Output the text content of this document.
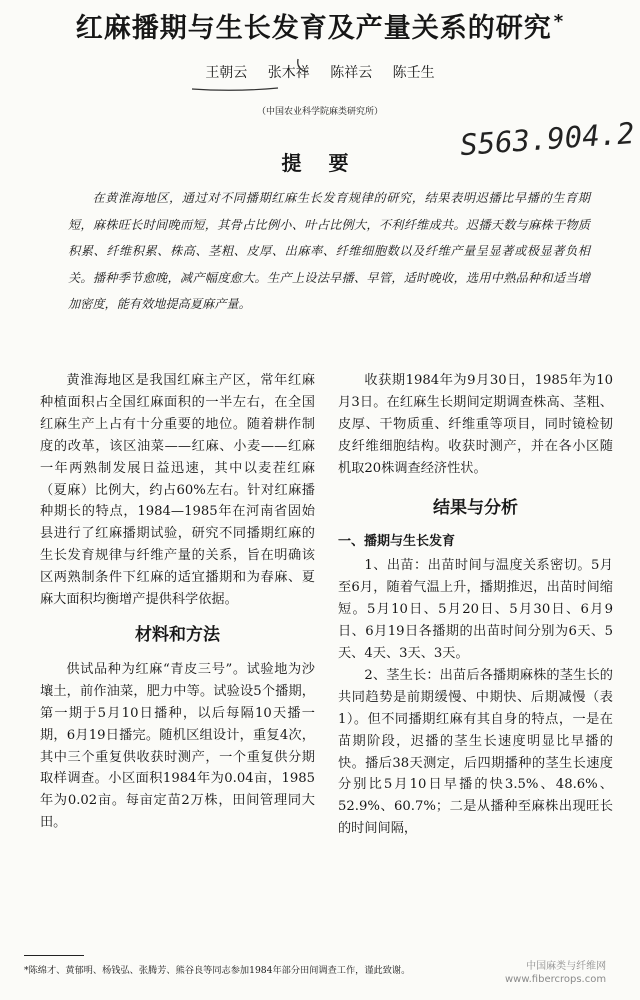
红麻播期与生长发育及产量关系的研究 *
王朝云 张木祥 陈祥云 陈壬生
（中国农业科学院麻类研究所）
S563.904.2
提 要
在黄淮海地区，通过对不同播期红麻生长发育规律的研究，结果表明迟播比早播的生育期短，麻株旺长时间晚而短，其骨占比例小、叶占比例大，不利纤维成共。迟播天数与麻株干物质积累、纤维积累、株高、茎粗、皮厚、出麻率、纤维细胞数以及纤维产量呈显著或极显著负相关。播种季节愈晚，减产幅度愈大。生产上设法早播、早管，适时晚收，选用中熟品种和适当增加密度，能有效地提高夏麻产量。

黄淮海地区是我国红麻主产区，常年红麻种植面积占全国红麻面积的一半左右，在全国红麻生产上占有十分重要的地位。随着耕作制度的改革，该区油菜——红麻、小麦——红麻一年两熟制发展日益迅速，其中以麦茬红麻（夏麻）比例大，约占60%左右。针对红麻播种期长的特点，1984—1985年在河南省固始县进行了红麻播期试验，研究不同播期红麻的生长发育规律与纤维产量的关系，旨在明确该区两熟制条件下红麻的适宜播期和为春麻、夏麻大面积均衡增产提供科学依据。

材料和方法

供试品种为红麻“青皮三号”。试验地为沙壤土，前作油菜，肥力中等。试验设5个播期，第一期于5月10日播种，以后每隔10天播一期，6月19日播完。随机区组设计，重复4次，其中三个重复供收获时测产，一个重复供分期取样调查。小区面积1984年为0.04亩，1985年为0.02亩。每亩定苗2万株，田间管理同大田。

收获期1984年为9月30日，1985年为10月3日。在红麻生长期间定期调查株高、茎粗、皮厚、干物质重、纤维重等项目，同时镜检韧皮纤维细胞结构。收获时测产，并在各小区随机取20株调查经济性状。

结果与分析
一、播期与生长发育

1、出苗：出苗时间与温度关系密切。5月至6月，随着气温上升，播期推迟，出苗时间缩短。5月10日、5月20日、5月30日、6月9日、6月19日各播期的出苗时间分别为6天、5天、4天、3天、3天。

2、茎生长：出苗后各播期麻株的茎生长的共同趋势是前期缓慢、中期快、后期减慢（表1）。但不同播期红麻有其自身的特点，一是在苗期阶段，迟播的茎生长速度明显比早播的快。播后38天测定，后四期播种的茎生长速度分别比5月10日早播的快3.5%、48.6%、52.9%、60.7%；二是从播种至麻株出现旺长的时间间隔，

*陈绵才、黄郁明、杨钱弘、张腾芳、熊谷良等同志参加1984年部分田间调查工作，谨此致谢。	中国麻类与纤维网
www.fibercrops.com
